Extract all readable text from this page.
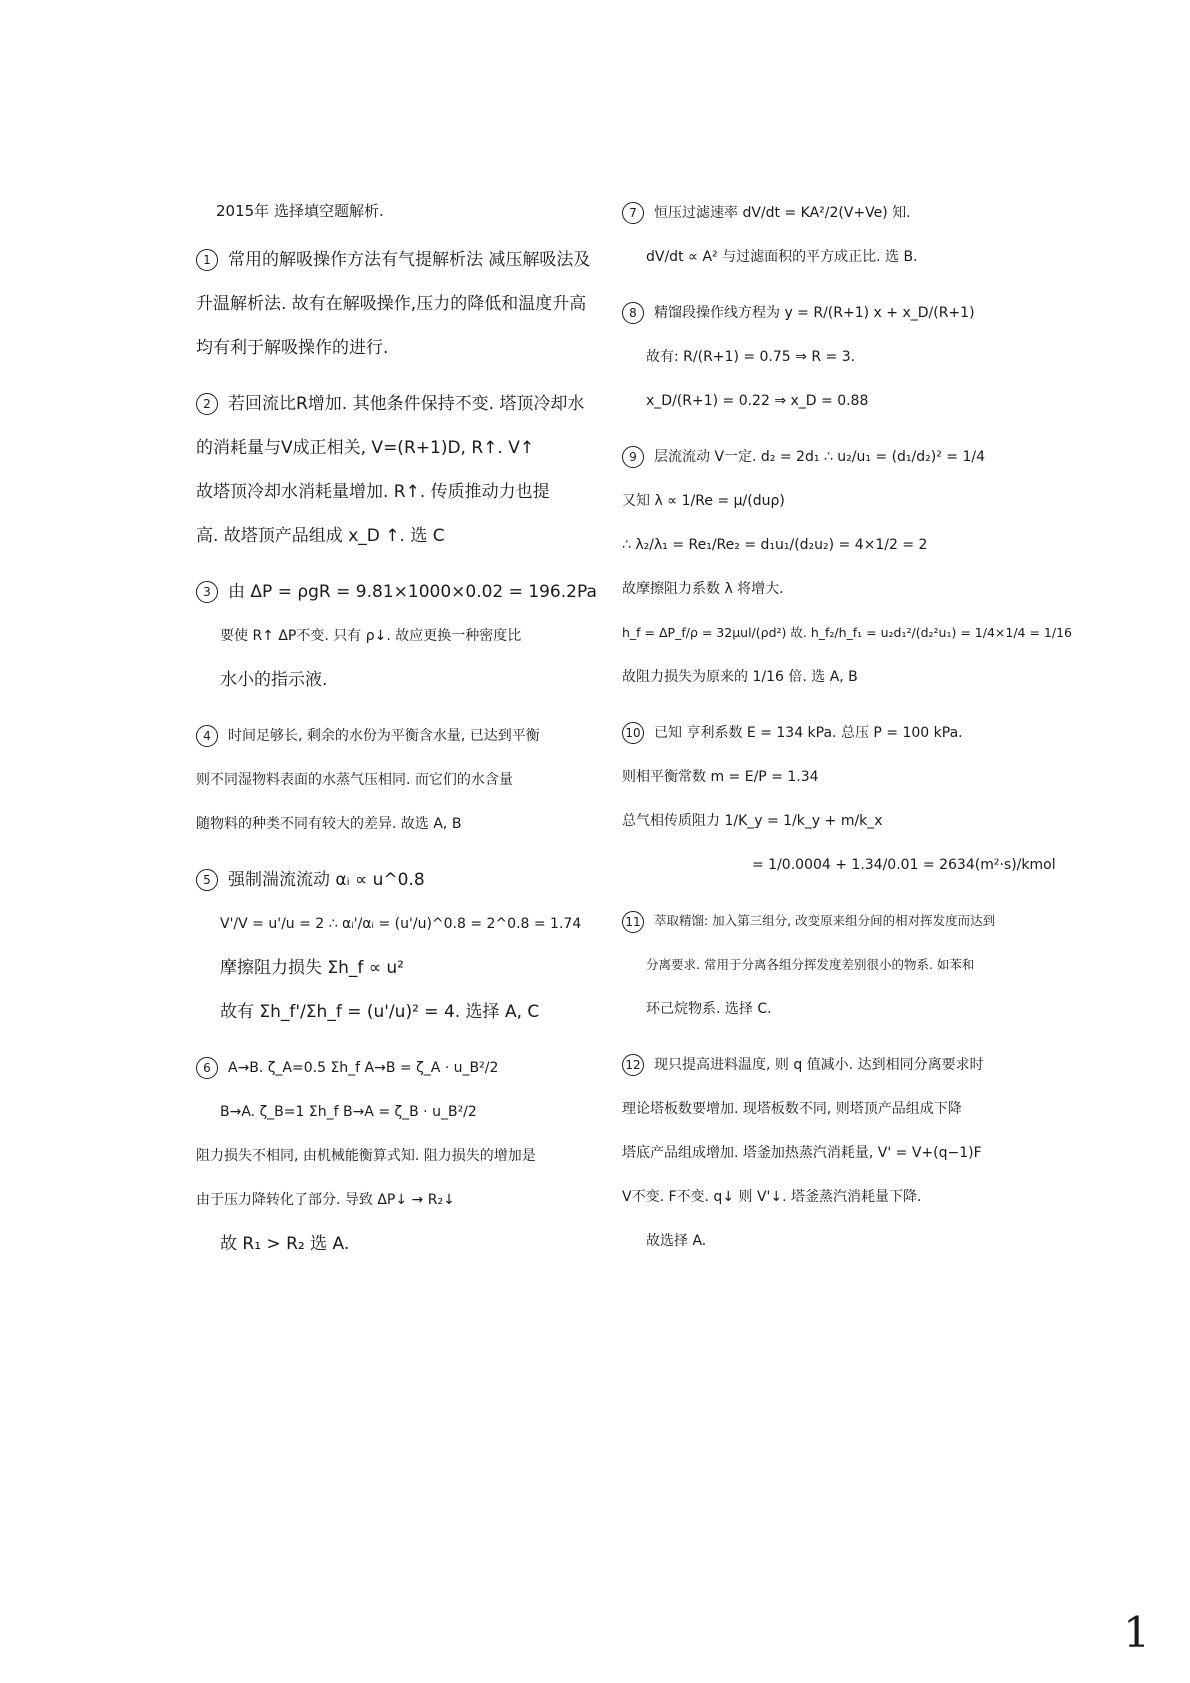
2015年 选择填空题解析.
1 常用的解吸操作方法有气提解析法 减压解吸法及
升温解析法. 故有在解吸操作,压力的降低和温度升高
均有利于解吸操作的进行.
2 若回流比R增加. 其他条件保持不变. 塔顶冷却水
的消耗量与V成正相关, V=(R+1)D, R↑. V↑
故塔顶冷却水消耗量增加. R↑. 传质推动力也提
高. 故塔顶产品组成 x_D ↑. 选 C
3 由 ΔP = ρgR = 9.81×1000×0.02 = 196.2Pa
要使 R↑ ΔP不变. 只有 ρ↓. 故应更换一种密度比
水小的指示液.
4 时间足够长, 剩余的水份为平衡含水量, 已达到平衡
则不同湿物料表面的水蒸气压相同. 而它们的水含量
随物料的种类不同有较大的差异. 故选 A, B
5 强制湍流流动 αᵢ ∝ u^0.8
V'/V = u'/u = 2 ∴ αᵢ'/αᵢ = (u'/u)^0.8 = 2^0.8 = 1.74
摩擦阻力损失 Σh_f ∝ u²
故有 Σh_f'/Σh_f = (u'/u)² = 4. 选择 A, C
6 A→B. ζ_A=0.5 Σh_f A→B = ζ_A · u_B²/2
B→A. ζ_B=1 Σh_f B→A = ζ_B · u_B²/2
阻力损失不相同, 由机械能衡算式知. 阻力损失的增加是
由于压力降转化了部分. 导致 ΔP↓ → R₂↓
故 R₁ > R₂ 选 A.
7 恒压过滤速率 dV/dt = KA²/2(V+Ve) 知.
dV/dt ∝ A² 与过滤面积的平方成正比. 选 B.
8 精馏段操作线方程为 y = R/(R+1) x + x_D/(R+1)
故有: R/(R+1) = 0.75 ⇒ R = 3.
x_D/(R+1) = 0.22 ⇒ x_D = 0.88
9 层流流动 V一定. d₂ = 2d₁ ∴ u₂/u₁ = (d₁/d₂)² = 1/4
又知 λ ∝ 1/Re = μ/(duρ)
∴ λ₂/λ₁ = Re₁/Re₂ = d₁u₁/(d₂u₂) = 4×1/2 = 2
故摩擦阻力系数 λ 将增大.
h_f = ΔP_f/ρ = 32μul/(ρd²) 故. h_f₂/h_f₁ = u₂d₁²/(d₂²u₁) = 1/4×1/4 = 1/16
故阻力损失为原来的 1/16 倍. 选 A, B
10 已知 亨利系数 E = 134 kPa. 总压 P = 100 kPa.
则相平衡常数 m = E/P = 1.34
总气相传质阻力 1/K_y = 1/k_y + m/k_x
= 1/0.0004 + 1.34/0.01 = 2634(m²·s)/kmol
11 萃取精馏: 加入第三组分, 改变原来组分间的相对挥发度而达到
分离要求. 常用于分离各组分挥发度差别很小的物系. 如苯和
环己烷物系. 选择 C.
12 现只提高进料温度, 则 q 值减小. 达到相同分离要求时
理论塔板数要增加. 现塔板数不同, 则塔顶产品组成下降
塔底产品组成增加. 塔釜加热蒸汽消耗量, V' = V+(q−1)F
V不变. F不变. q↓ 则 V'↓. 塔釜蒸汽消耗量下降.
故选择 A.
1
